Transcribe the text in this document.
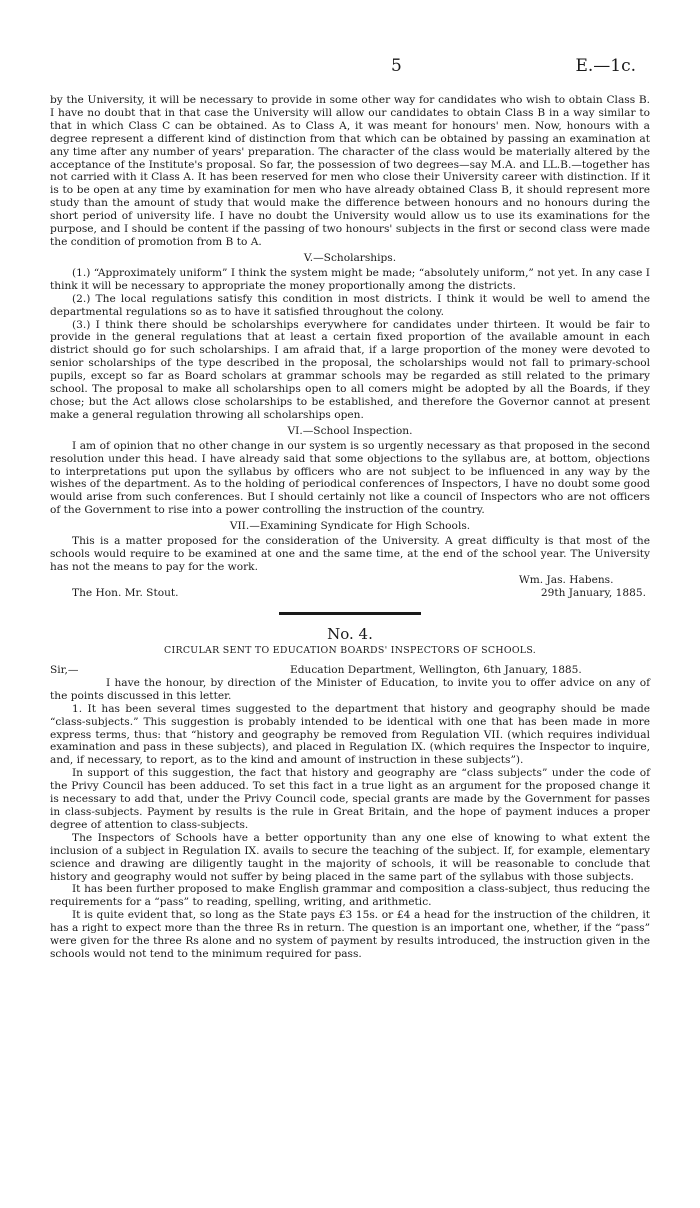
5	E.—1c.

by the University, it will be necessary to provide in some other way for candidates who wish to obtain Class B. I have no doubt that in that case the University will allow our candidates to obtain Class B in a way similar to that in which Class C can be obtained. As to Class A, it was meant for honours' men. Now, honours with a degree represent a different kind of distinction from that which can be obtained by passing an examination at any time after any number of years' preparation. The character of the class would be materially altered by the acceptance of the Institute's proposal. So far, the possession of two degrees—say M.A. and LL.B.—together has not carried with it Class A. It has been reserved for men who close their University career with distinction. If it is to be open at any time by examination for men who have already obtained Class B, it should represent more study than the amount of study that would make the difference between honours and no honours during the short period of university life. I have no doubt the University would allow us to use its examinations for the purpose, and I should be content if the passing of two honours' subjects in the first or second class were made the condition of promotion from B to A.

V.—Scholarships.

(1.) “Approximately uniform” I think the system might be made; “absolutely uniform,” not yet. In any case I think it will be necessary to appropriate the money proportionally among the districts.

(2.) The local regulations satisfy this condition in most districts. I think it would be well to amend the departmental regulations so as to have it satisfied throughout the colony.

(3.) I think there should be scholarships everywhere for candidates under thirteen. It would be fair to provide in the general regulations that at least a certain fixed proportion of the available amount in each district should go for such scholarships. I am afraid that, if a large proportion of the money were devoted to senior scholarships of the type described in the proposal, the scholarships would not fall to primary-school pupils, except so far as Board scholars at grammar schools may be regarded as still related to the primary school. The proposal to make all scholarships open to all comers might be adopted by all the Boards, if they chose; but the Act allows close scholarships to be established, and therefore the Governor cannot at present make a general regulation throwing all scholarships open.

VI.—School Inspection.

I am of opinion that no other change in our system is so urgently necessary as that proposed in the second resolution under this head. I have already said that some objections to the syllabus are, at bottom, objections to interpretations put upon the syllabus by officers who are not subject to be influenced in any way by the wishes of the department. As to the holding of periodical conferences of Inspectors, I have no doubt some good would arise from such conferences. But I should certainly not like a council of Inspectors who are not officers of the Government to rise into a power controlling the instruction of the country.

VII.—Examining Syndicate for High Schools.

This is a matter proposed for the consideration of the University. A great difficulty is that most of the schools would require to be examined at one and the same time, at the end of the school year. The University has not the means to pay for the work.

The Hon. Mr. Stout.
Wm. Jas. Habens.
29th January, 1885.
No. 4.
CIRCULAR SENT TO EDUCATION BOARDS' INSPECTORS OF SCHOOLS.
Sir,—	Education Department, Wellington, 6th January, 1885.

I have the honour, by direction of the Minister of Education, to invite you to offer advice on any of the points discussed in this letter.

1. It has been several times suggested to the department that history and geography should be made “class-subjects.” This suggestion is probably intended to be identical with one that has been made in more express terms, thus: that “history and geography be removed from Regulation VII. (which requires individual examination and pass in these subjects), and placed in Regulation IX. (which requires the Inspector to inquire, and, if necessary, to report, as to the kind and amount of instruction in these subjects”).

In support of this suggestion, the fact that history and geography are “class subjects” under the code of the Privy Council has been adduced. To set this fact in a true light as an argument for the proposed change it is necessary to add that, under the Privy Council code, special grants are made by the Government for passes in class-subjects. Payment by results is the rule in Great Britain, and the hope of payment induces a proper degree of attention to class-subjects.

The Inspectors of Schools have a better opportunity than any one else of knowing to what extent the inclusion of a subject in Regulation IX. avails to secure the teaching of the subject. If, for example, elementary science and drawing are diligently taught in the majority of schools, it will be reasonable to conclude that history and geography would not suffer by being placed in the same part of the syllabus with those subjects.

It has been further proposed to make English grammar and composition a class-subject, thus reducing the requirements for a “pass” to reading, spelling, writing, and arithmetic.

It is quite evident that, so long as the State pays £3 15s. or £4 a head for the instruction of the children, it has a right to expect more than the three Rs in return. The question is an important one, whether, if the “pass” were given for the three Rs alone and no system of payment by results introduced, the instruction given in the schools would not tend to the minimum required for pass.
